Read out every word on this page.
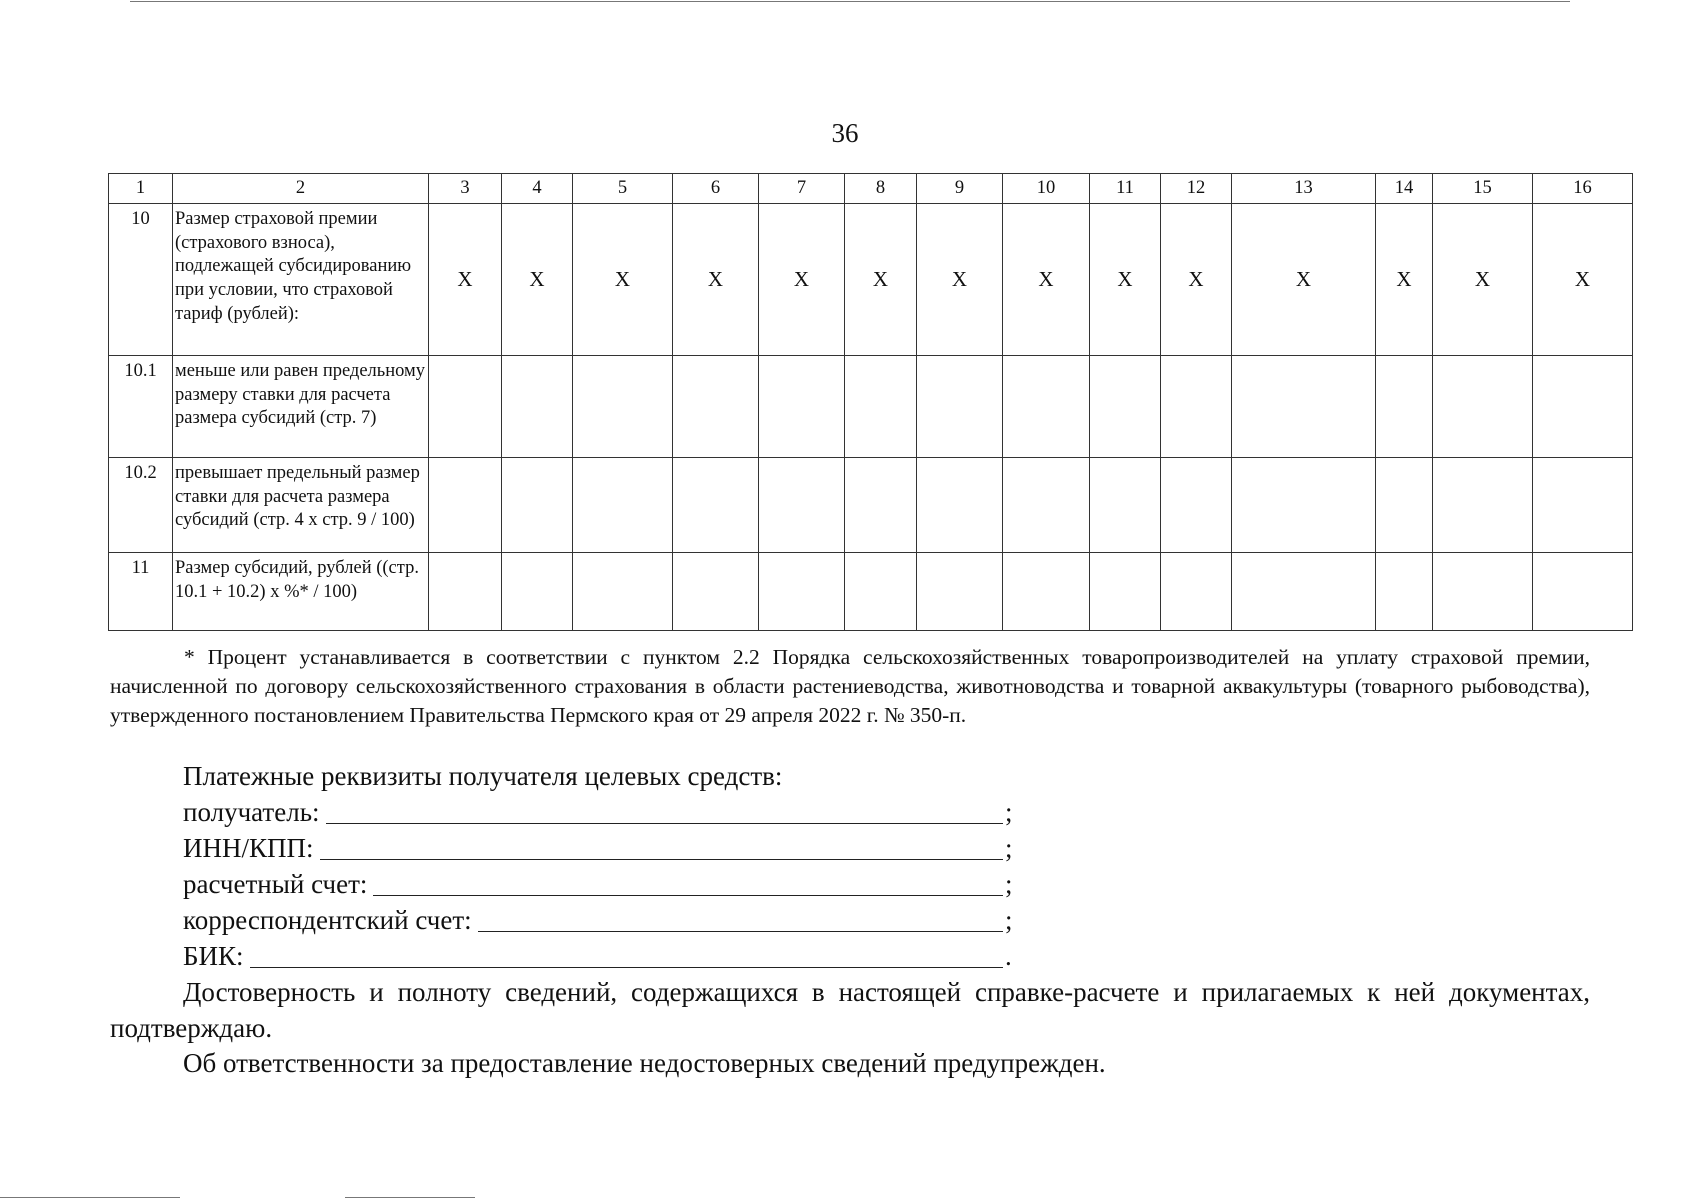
36
1	2	3	4	5	6	7	8	9	10	11	12	13	14	15	16
10	Размер страховой премии (страхового взноса), подлежащей субсидированию при условии, что страховой тариф (рублей):	X	X	X	X	X	X	X	X	X	X	X	X	X	X
10.1	меньше или равен предельному размеру ставки для расчета размера субсидий (стр. 7)														
10.2	превышает предельный размер ставки для расчета размера субсидий (стр. 4 х стр. 9 / 100)														
11	Размер субсидий, рублей ((стр. 10.1 + 10.2) х %* / 100)														

* Процент устанавливается в соответствии с пунктом 2.2 Порядка сельскохозяйственных товаропроизводителей на уплату страховой премии, начисленной по договору сельскохозяйственного страхования в области растениеводства, животноводства и товарной аквакультуры (товарного рыбоводства), утвержденного постановлением Правительства Пермского края от 29 апреля 2022 г. № 350-п.

Платежные реквизиты получателя целевых средств:
получатель:	;
ИНН/КПП:	;
расчетный счет:	;
корреспондентский счет:	;
БИК:	.

Достоверность и полноту сведений, содержащихся в настоящей справке-расчете и прилагаемых к ней документах, подтверждаю.

Об ответственности за предоставление недостоверных сведений предупрежден.
